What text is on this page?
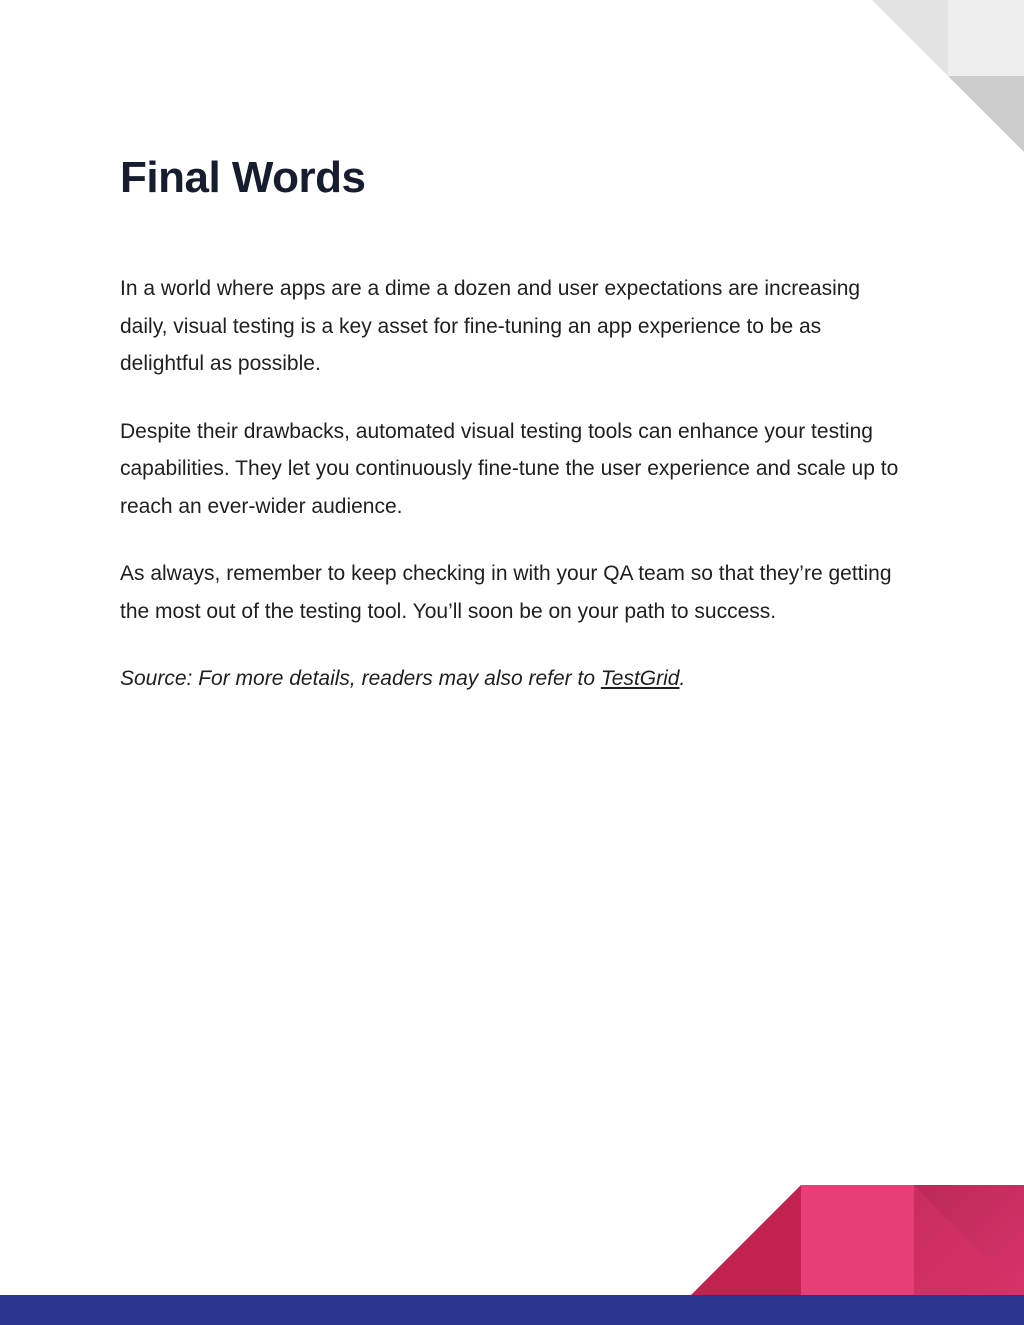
Final Words

In a world where apps are a dime a dozen and user expectations are increasing daily, visual testing is a key asset for fine-tuning an app experience to be as delightful as possible.

Despite their drawbacks, automated visual testing tools can enhance your testing capabilities. They let you continuously fine-tune the user experience and scale up to reach an ever-wider audience.

As always, remember to keep checking in with your QA team so that they’re getting the most out of the testing tool. You’ll soon be on your path to success.

Source: For more details, readers may also refer to TestGrid.
